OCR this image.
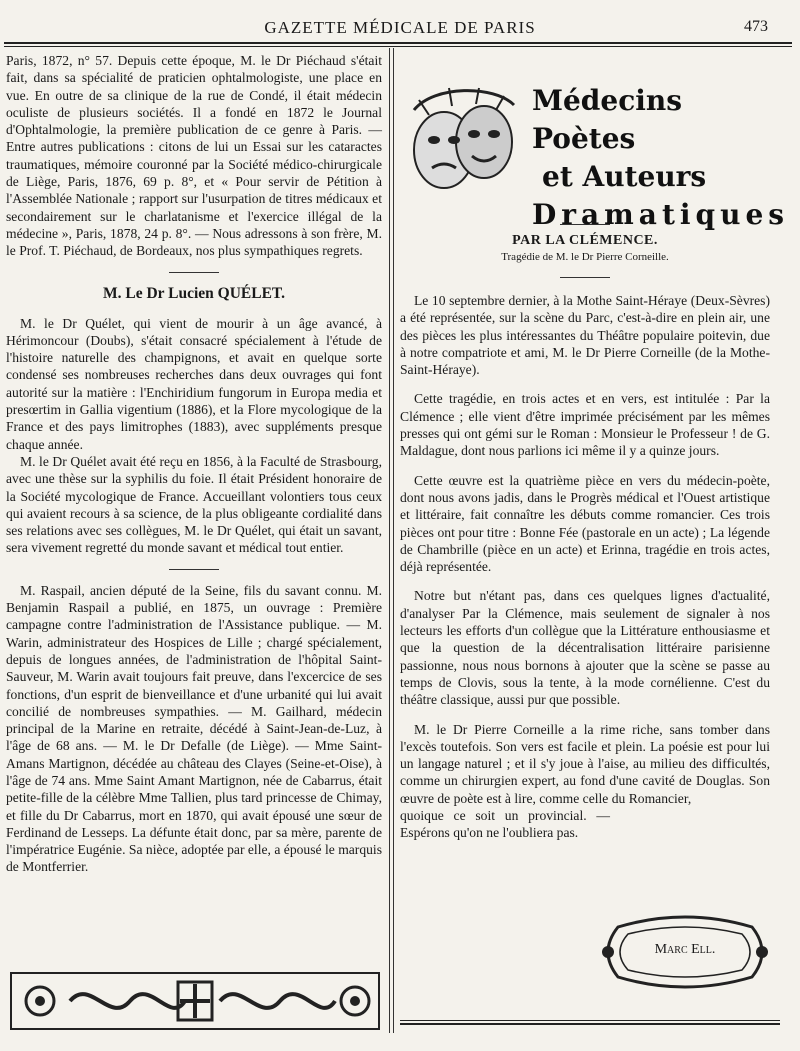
GAZETTE MÉDICALE DE PARIS	473

Paris, 1872, n° 57. Depuis cette époque, M. le Dr Piéchaud s'était fait, dans sa spécialité de praticien ophtalmologiste, une place en vue. En outre de sa clinique de la rue de Condé, il était médecin oculiste de plusieurs sociétés. Il a fondé en 1872 le Journal d'Ophtalmologie, la première publication de ce genre à Paris. — Entre autres publications : citons de lui un Essai sur les cataractes traumatiques, mémoire couronné par la Société médico-chirurgicale de Liège, Paris, 1876, 69 p. 8°, et « Pour servir de Pétition à l'Assemblée Nationale ; rapport sur l'usurpation de titres médicaux et secondairement sur le charlatanisme et l'exercice illégal de la médecine », Paris, 1878, 24 p. 8°. — Nous adressons à son frère, M. le Prof. T. Piéchaud, de Bordeaux, nos plus sympathiques regrets.

M. Le Dr Lucien QUÉLET.

M. le Dr Quélet, qui vient de mourir à un âge avancé, à Hérimoncour (Doubs), s'était consacré spécialement à l'étude de l'histoire naturelle des champignons, et avait en quelque sorte condensé ses nombreuses recherches dans deux ouvrages qui font autorité sur la matière : l'Enchiridium fungorum in Europa media et presœrtim in Gallia vigentium (1886), et la Flore mycologique de la France et des pays limitrophes (1883), avec suppléments presque chaque année.

M. le Dr Quélet avait été reçu en 1856, à la Faculté de Strasbourg, avec une thèse sur la syphilis du foie. Il était Président honoraire de la Société mycologique de France. Accueillant volontiers tous ceux qui avaient recours à sa science, de la plus obligeante cordialité dans ses relations avec ses collègues, M. le Dr Quélet, qui était un savant, sera vivement regretté du monde savant et médical tout entier.

M. Raspail, ancien député de la Seine, fils du savant connu. M. Benjamin Raspail a publié, en 1875, un ouvrage : Première campagne contre l'administration de l'Assistance publique. — M. Warin, administrateur des Hospices de Lille ; chargé spécialement, depuis de longues années, de l'administration de l'hôpital Saint-Sauveur, M. Warin avait toujours fait preuve, dans l'excercice de ses fonctions, d'un esprit de bienveillance et d'une urbanité qui lui avait concilié de nombreuses sympathies. — M. Gailhard, médecin principal de la Marine en retraite, décédé à Saint-Jean-de-Luz, à l'âge de 68 ans. — M. le Dr Defalle (de Liège). — Mme Saint-Amans Martignon, décédée au château des Clayes (Seine-et-Oise), à l'âge de 74 ans. Mme Saint Amant Martignon, née de Cabarrus, était petite-fille de la célèbre Mme Tallien, plus tard princesse de Chimay, et fille du Dr Cabarrus, mort en 1870, qui avait épousé une sœur de Ferdinand de Lesseps. La défunte était donc, par sa mère, parente de l'impératrice Eugénie. Sa nièce, adoptée par elle, a épousé le marquis de Montferrier.

Médecins Poètes
et Auteurs
Dramatiques
PAR LA CLÉMENCE.
Tragédie de M. le Dr Pierre Corneille.

Le 10 septembre dernier, à la Mothe Saint-Héraye (Deux-Sèvres) a été représentée, sur la scène du Parc, c'est-à-dire en plein air, une des pièces les plus intéressantes du Théâtre populaire poitevin, due à notre compatriote et ami, M. le Dr Pierre Corneille (de la Mothe-Saint-Héraye).

Cette tragédie, en trois actes et en vers, est intitulée : Par la Clémence ; elle vient d'être imprimée précisément par les mêmes presses qui ont gémi sur le Roman : Monsieur le Professeur ! de G. Maldague, dont nous parlions ici même il y a quinze jours.

Cette œuvre est la quatrième pièce en vers du médecin-poète, dont nous avons jadis, dans le Progrès médical et l'Ouest artistique et littéraire, fait connaître les débuts comme romancier. Ces trois pièces ont pour titre : Bonne Fée (pastorale en un acte) ; La légende de Chambrille (pièce en un acte) et Erinna, tragédie en trois actes, déjà représentée.

Notre but n'étant pas, dans ces quelques lignes d'actualité, d'analyser Par la Clémence, mais seulement de signaler à nos lecteurs les efforts d'un collègue que la Littérature enthousiasme et que la question de la décentralisation littéraire parisienne passionne, nous nous bornons à ajouter que la scène se passe au temps de Clovis, sous la tente, à la mode cornélienne. C'est du théâtre classique, aussi pur que possible.

M. le Dr Pierre Corneille a la rime riche, sans tomber dans l'excès toutefois. Son vers est facile et plein. La poésie est pour lui un langage naturel ; et il s'y joue à l'aise, au milieu des difficultés, comme un chirurgien expert, au fond d'une cavité de Douglas. Son œuvre de poète est à lire, comme celle du Romancier,

quoique ce soit un provincial. — Espérons qu'on ne l'oubliera pas.

Marc Ell.
